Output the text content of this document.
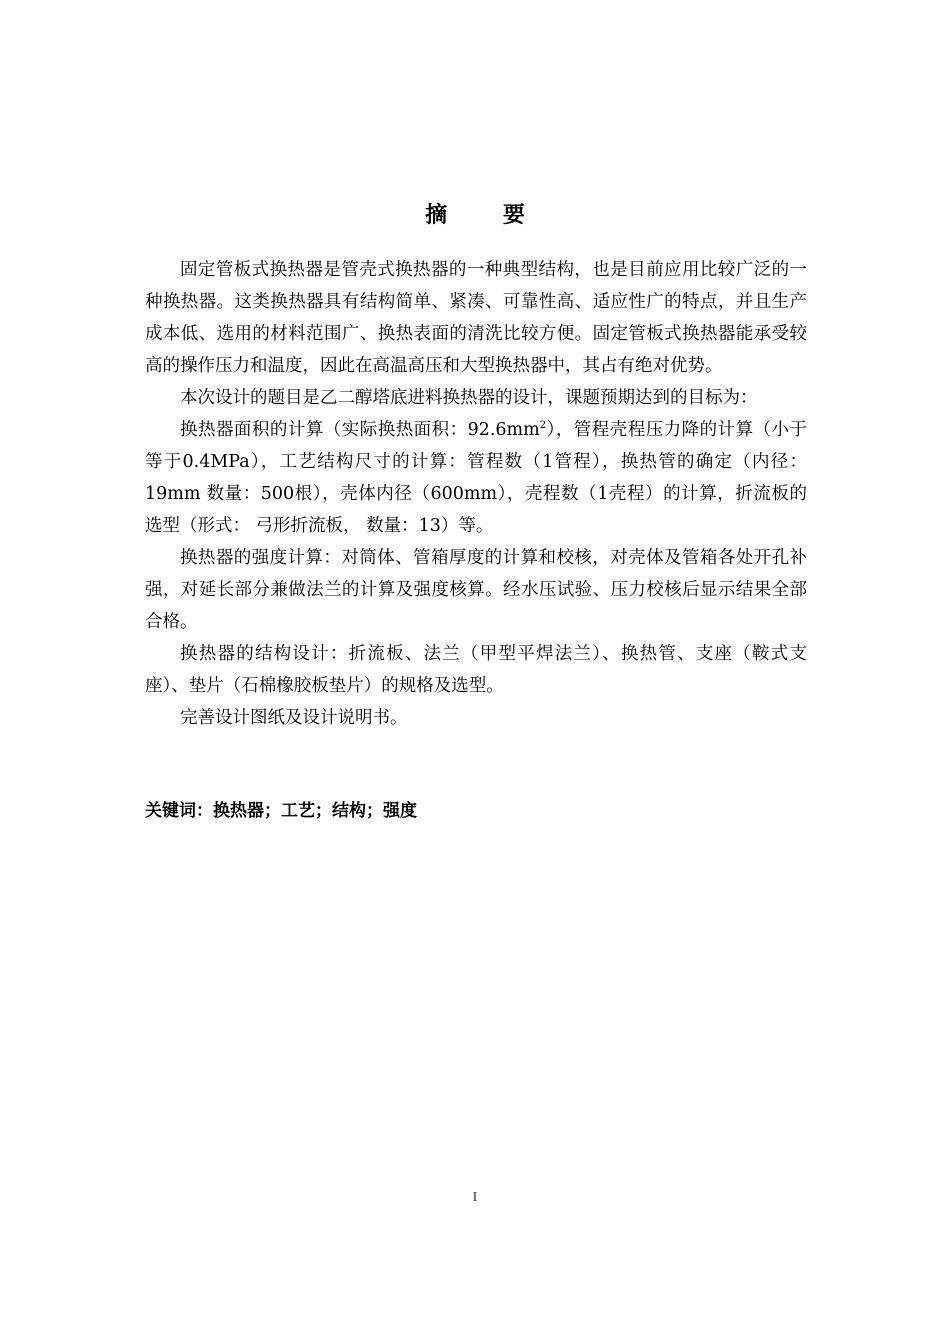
摘 要

固定管板式换热器是管壳式换热器的一种典型结构，也是目前应用比较广泛的一种换热器。这类换热器具有结构简单、紧凑、可靠性高、适应性广的特点，并且生产成本低、选用的材料范围广、换热表面的清洗比较方便。固定管板式换热器能承受较高的操作压力和温度，因此在高温高压和大型换热器中，其占有绝对优势。

本次设计的题目是乙二醇塔底进料换热器的设计，课题预期达到的目标为：

换热器面积的计算（实际换热面积：$92.6mm^2$），管程壳程压力降的计算（小于等于0.4MPa），工艺结构尺寸的计算：管程数（1管程），换热管的确定（内径：19mm 数量：500根），壳体内径（600mm），壳程数（1壳程）的计算，折流板的选型（形式： 弓形折流板， 数量：13）等。

换热器的强度计算：对筒体、管箱厚度的计算和校核，对壳体及管箱各处开孔补强，对延长部分兼做法兰的计算及强度核算。经水压试验、压力校核后显示结果全部合格。

换热器的结构设计：折流板、法兰（甲型平焊法兰）、换热管、支座（鞍式支座）、垫片（石棉橡胶板垫片）的规格及选型。

完善设计图纸及设计说明书。

关键词：换热器；工艺；结构；强度
I
